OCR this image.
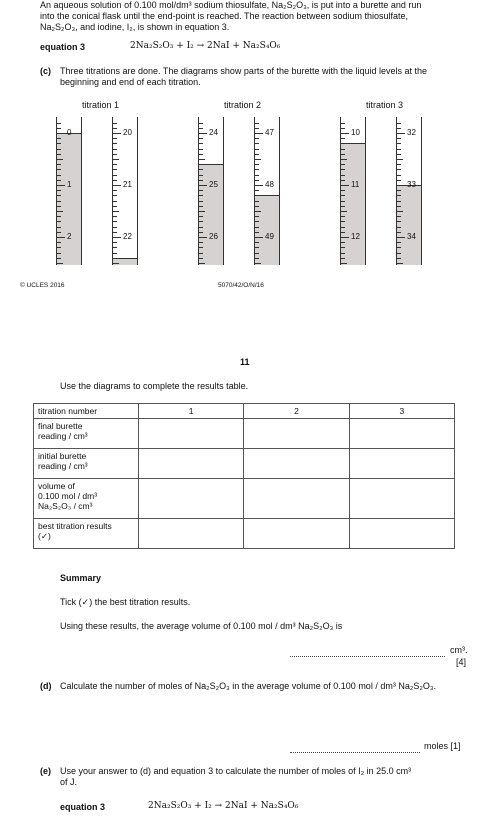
An aqueous solution of 0.100 mol/dm³ sodium thiosulfate, Na₂S₂O₃, is put into a burette and run
into the conical flask until the end-point is reached. The reaction between sodium thiosulfate,
Na₂S₂O₃, and iodine, I₂, is shown in equation 3.
equation 3	2Na₂S₂O₃ + I₂ → 2NaI + Na₂S₄O₆
(c) Three titrations are done. The diagrams show parts of the burette with the liquid levels at the
beginning and end of each titration.
titration 1
0
1
2
20
21
22
titration 2
24
25
26
47
48
49
titration 3
10
11
12
32
33
34
© UCLES 2016	5070/42/O/N/16
11
Use the diagrams to complete the results table.
titration number	1	2	3

final burette
reading / cm³			

initial burette
reading / cm³			

volume of
0.100 mol / dm³
Na₂S₂O₃ / cm³			

best titration results
(✓)			

Summary
Tick (✓) the best titration results.
Using these results, the average volume of 0.100 mol / dm³ Na₂S₂O₃ is
cm³.
[4]
(d) Calculate the number of moles of Na₂S₂O₃ in the average volume of 0.100 mol / dm³ Na₂S₂O₃.
moles [1]
(e) Use your answer to (d) and equation 3 to calculate the number of moles of I₂ in 25.0 cm³
of J.
equation 3	2Na₂S₂O₃ + I₂ → 2NaI + Na₂S₄O₆
